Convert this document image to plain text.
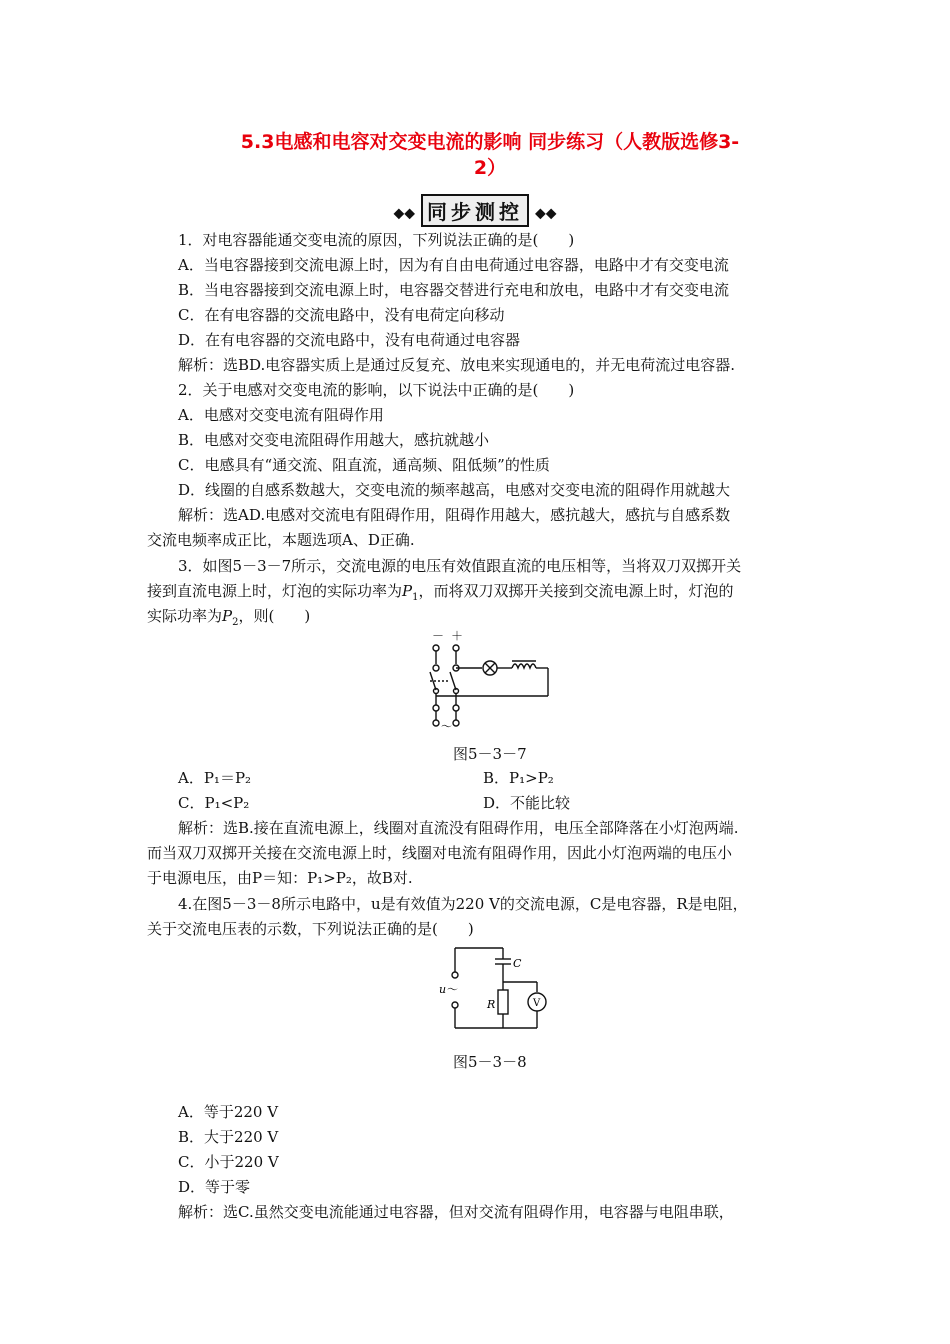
5.3电感和电容对交变电流的影响 同步练习（人教版选修3-
2）
◆◆ 同步测控 ◆◆
1．对电容器能通交变电流的原因，下列说法正确的是(　　)
A．当电容器接到交流电源上时，因为有自由电荷通过电容器，电路中才有交变电流
B．当电容器接到交流电源上时，电容器交替进行充电和放电，电路中才有交变电流
C．在有电容器的交流电路中，没有电荷定向移动
D．在有电容器的交流电路中，没有电荷通过电容器
解析：选BD.电容器实质上是通过反复充、放电来实现通电的，并无电荷流过电容器.
2．关于电感对交变电流的影响，以下说法中正确的是(　　)
A．电感对交变电流有阻碍作用
B．电感对交变电流阻碍作用越大，感抗就越小
C．电感具有“通交流、阻直流，通高频、阻低频”的性质
D．线圈的自感系数越大，交变电流的频率越高，电感对交变电流的阻碍作用就越大
解析：选AD.电感对交流电有阻碍作用，阻碍作用越大，感抗越大，感抗与自感系数
交流电频率成正比，本题选项A、D正确.
3．如图5－3－7所示，交流电源的电压有效值跟直流的电压相等，当将双刀双掷开关
接到直流电源上时，灯泡的实际功率为$P_1$，而将双刀双掷开关接到交流电源上时，灯泡的
实际功率为$P_2$，则(　　)
－ ＋
～
图5－3－7
A．P₁＝P₂	B．P₁>P₂
C．P₁<P₂	D．不能比较
解析：选B.接在直流电源上，线圈对直流没有阻碍作用，电压全部降落在小灯泡两端.
而当双刀双掷开关接在交流电源上时，线圈对电流有阻碍作用，因此小灯泡两端的电压小
于电源电压，由P＝知：P₁>P₂，故B对.
4.在图5－3－8所示电路中，u是有效值为220 V的交流电源，C是电容器，R是电阻，
关于交流电压表的示数，下列说法正确的是(　　)
u ～
C
R	V
图5－3－8
A．等于220 V
B．大于220 V
C．小于220 V
D．等于零
解析：选C.虽然交变电流能通过电容器，但对交流有阻碍作用，电容器与电阻串联，
